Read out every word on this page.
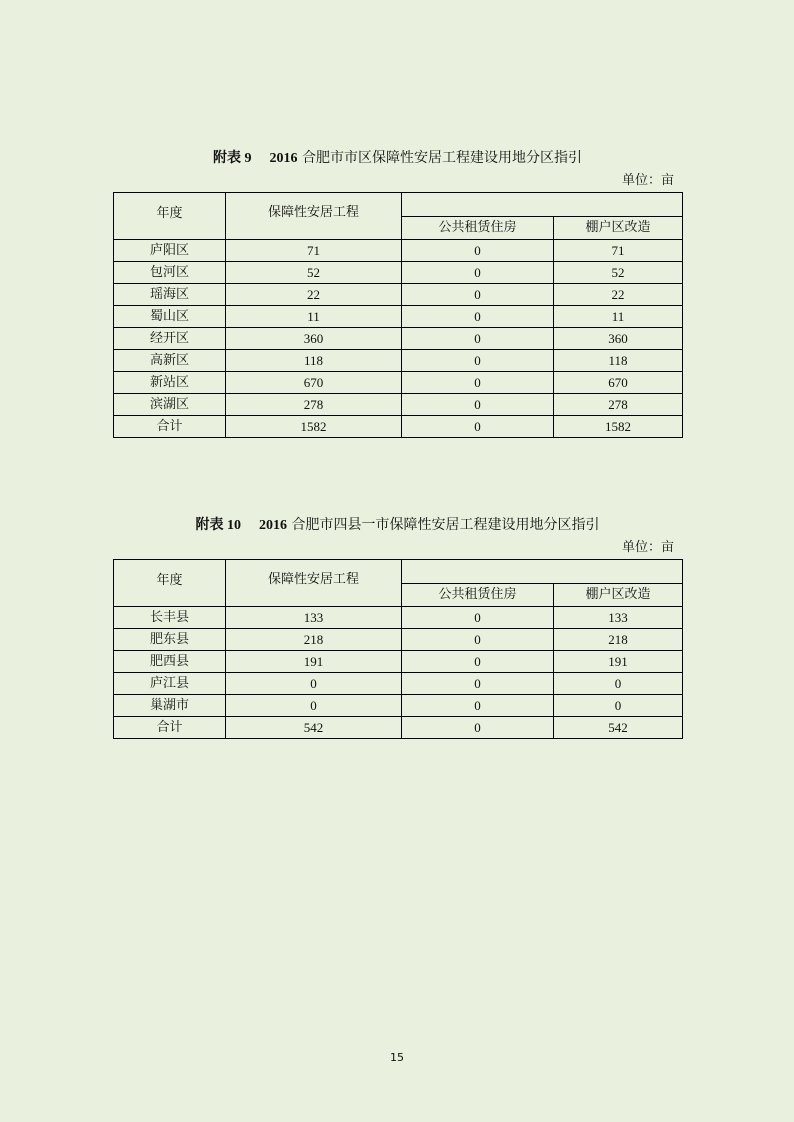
附表 9 2016 合肥市市区保障性安居工程建设用地分区指引
单位：亩
年度	保障性安居工程		
		公共租赁住房	棚户区改造
庐阳区	71	0	71
包河区	52	0	52
瑶海区	22	0	22
蜀山区	11	0	11
经开区	360	0	360
高新区	118	0	118
新站区	670	0	670
滨湖区	278	0	278
合计	1582	0	1582
附表 10 2016 合肥市四县一市保障性安居工程建设用地分区指引
单位：亩
年度	保障性安居工程		
		公共租赁住房	棚户区改造
长丰县	133	0	133
肥东县	218	0	218
肥西县	191	0	191
庐江县	0	0	0
巢湖市	0	0	0
合计	542	0	542
15
